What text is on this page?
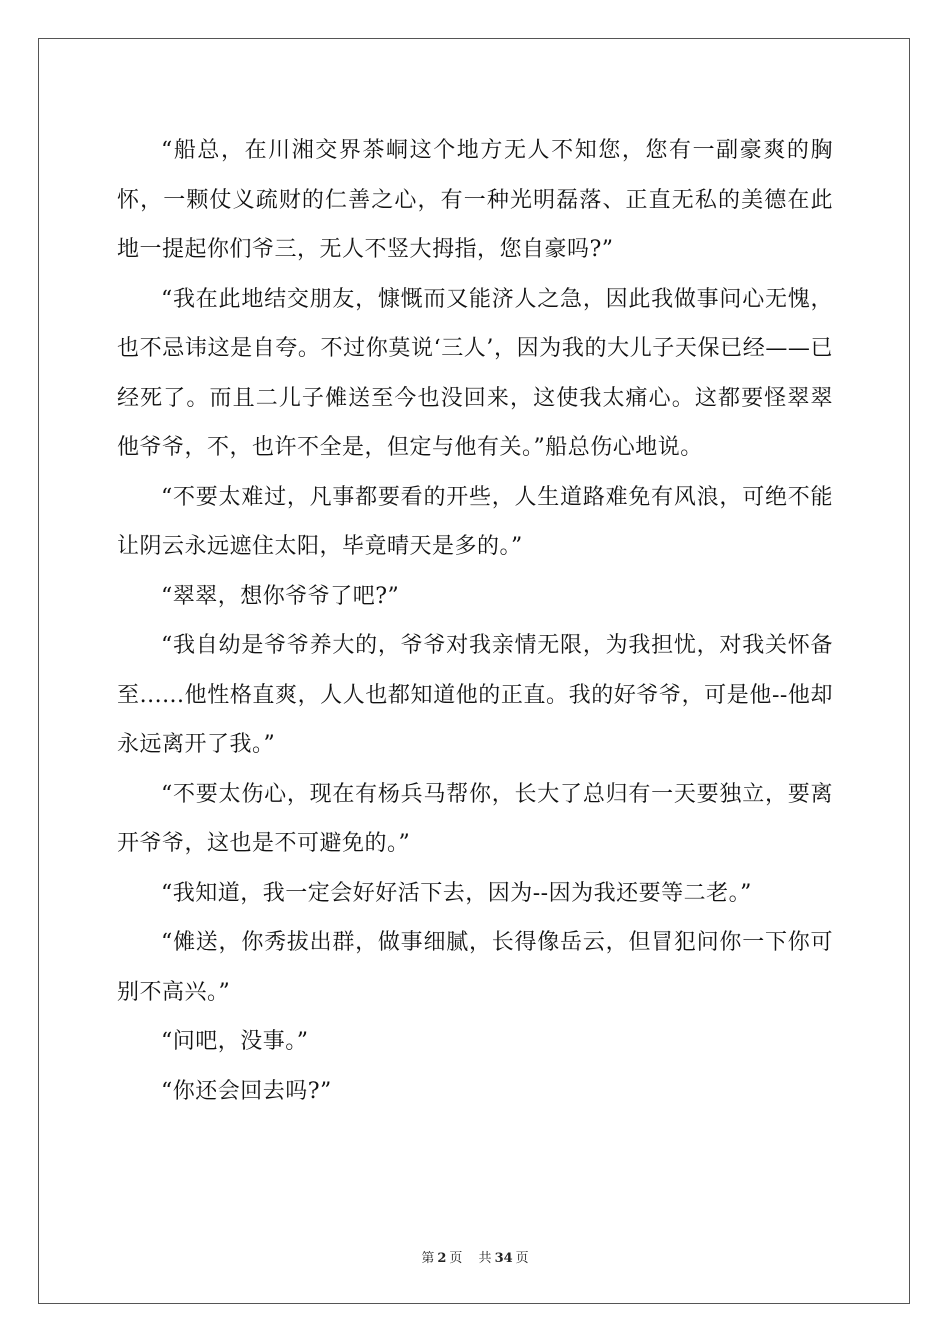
“船总，在川湘交界茶峒这个地方无人不知您，您有一副豪爽的胸怀，一颗仗义疏财的仁善之心，有一种光明磊落、正直无私的美德在此地一提起你们爷三，无人不竖大拇指，您自豪吗?”

“我在此地结交朋友，慷慨而又能济人之急，因此我做事问心无愧，也不忌讳这是自夸。不过你莫说‘三人’，因为我的大儿子天保已经——已经死了。而且二儿子傩送至今也没回来，这使我太痛心。这都要怪翠翠他爷爷，不，也许不全是，但定与他有关。”船总伤心地说。

“不要太难过，凡事都要看的开些，人生道路难免有风浪，可绝不能让阴云永远遮住太阳，毕竟晴天是多的。”

“翠翠，想你爷爷了吧?”

“我自幼是爷爷养大的，爷爷对我亲情无限，为我担忧，对我关怀备至......他性格直爽，人人也都知道他的正直。我的好爷爷，可是他--他却永远离开了我。”

“不要太伤心，现在有杨兵马帮你，长大了总归有一天要独立，要离开爷爷，这也是不可避免的。”

“我知道，我一定会好好活下去，因为--因为我还要等二老。”

“傩送，你秀拔出群，做事细腻，长得像岳云，但冒犯问你一下你可别不高兴。”

“问吧，没事。”

“你还会回去吗?”

第 2 页 共 34 页
